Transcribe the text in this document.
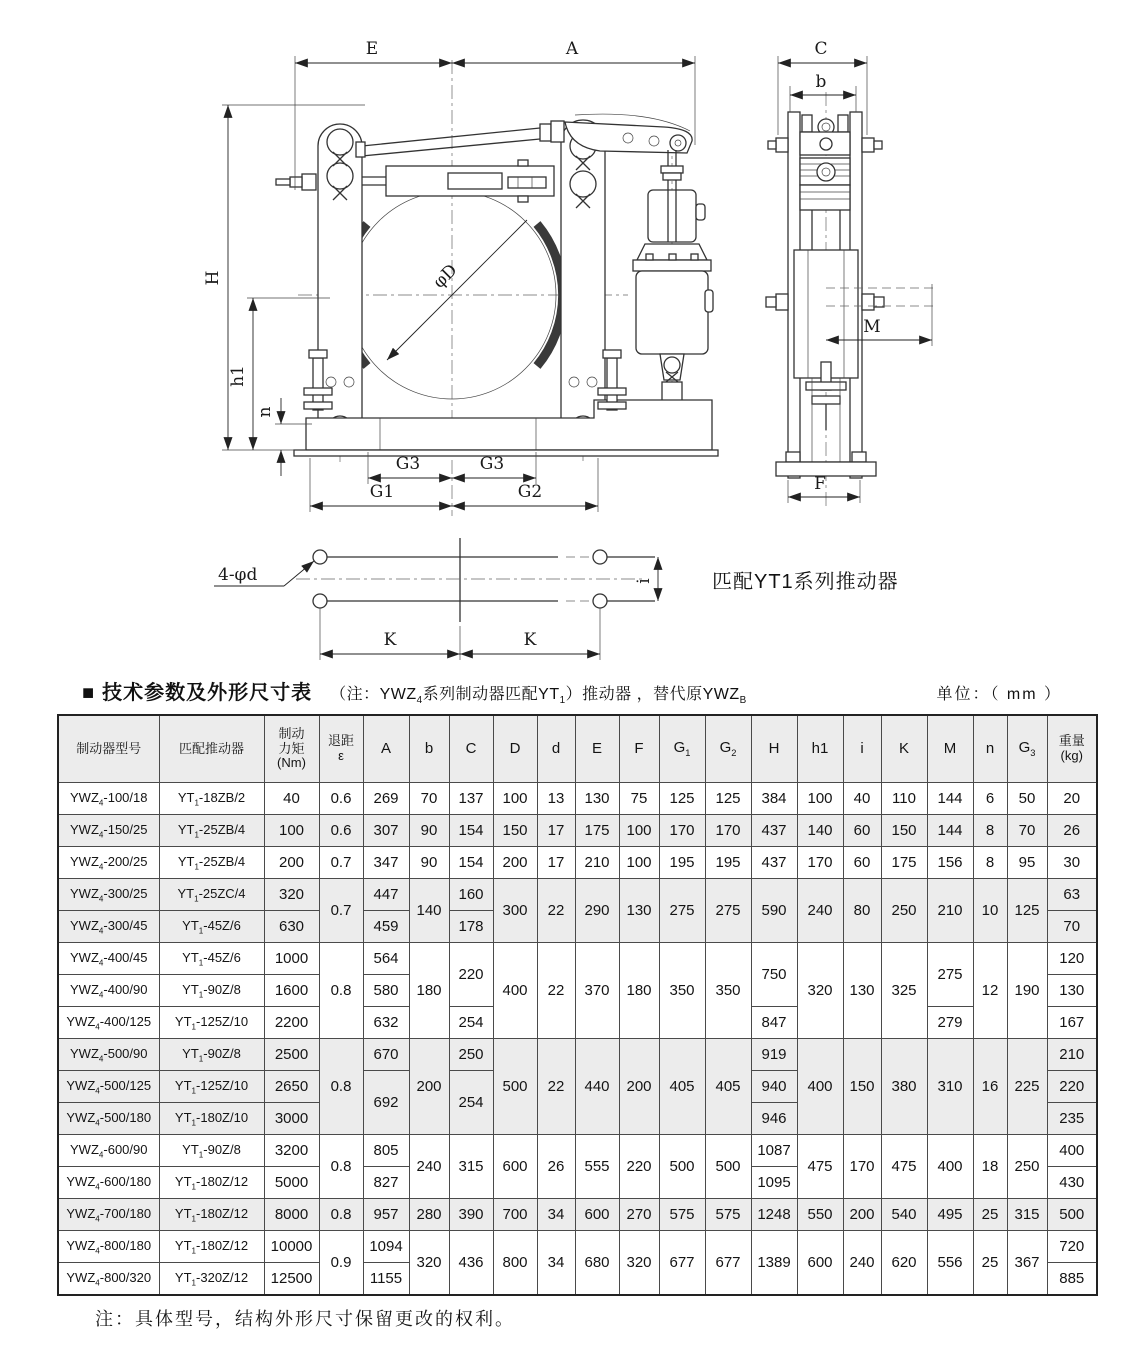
φD
E	A
H
h1
n
G3	G3
G1	G2
C
b
M
F
4-φd	i
K	K
匹配YT1系列推动器
■ 技术参数及外形尺寸表 （注：$YWZ_4$系列制动器匹配$YT_1$）推动器 ，替代原$YWZ_B$	单位：（ mm ）
制动器型号	匹配推动器	制动
力矩
(Nm)	退距
ε	A	b	C	D	d	E	F	$G_1$	$G_2$	H	h1	i	K	M	n	$G_3$	重量
(kg)
$YWZ_4-100/18$	$YT_1-18ZB/2$	40	0.6	269	70	137	100	13	130	75	125	125	384	100	40	110	144	6	50	20
$YWZ_4-150/25$	$YT_1-25ZB/4$	100	0.6	307	90	154	150	17	175	100	170	170	437	140	60	150	144	8	70	26
$YWZ_4-200/25$	$YT_1-25ZB/4$	200	0.7	347	90	154	200	17	210	100	195	195	437	170	60	175	156	8	95	30
$YWZ_4-300/25$	$YT_1-25ZC/4$	320	0.7	447	140	160	300	22	290	130	275	275	590	240	80	250	210	10	125	63
$YWZ_4-300/45$	$YT_1-45Z/6$	630		459		178														70
$YWZ_4-400/45$	$YT_1-45Z/6$	1000	0.8	564	180	220	400	22	370	180	350	350	750	320	130	325	275	12	190	120
$YWZ_4-400/90$	$YT_1-90Z/8$	1600		580																130
$YWZ_4-400/125$	$YT_1-125Z/10$	2200		632		254							847				279			167
$YWZ_4-500/90$	$YT_1-90Z/8$	2500	0.8	670	200	250	500	22	440	200	405	405	919	400	150	380	310	16	225	210
$YWZ_4-500/125$	$YT_1-125Z/10$	2650		692		254							940							220
$YWZ_4-500/180$	$YT_1-180Z/10$	3000											946							235
$YWZ_4-600/90$	$YT_1-90Z/8$	3200	0.8	805	240	315	600	26	555	220	500	500	1087	475	170	475	400	18	250	400
$YWZ_4-600/180$	$YT_1-180Z/12$	5000		827									1095							430
$YWZ_4-700/180$	$YT_1-180Z/12$	8000	0.8	957	280	390	700	34	600	270	575	575	1248	550	200	540	495	25	315	500
$YWZ_4-800/180$	$YT_1-180Z/12$	10000	0.9	1094	320	436	800	34	680	320	677	677	1389	600	240	620	556	25	367	720
$YWZ_4-800/320$	$YT_1-320Z/12$	12500		1155																885
注：具体型号，结构外形尺寸保留更改的权利。
